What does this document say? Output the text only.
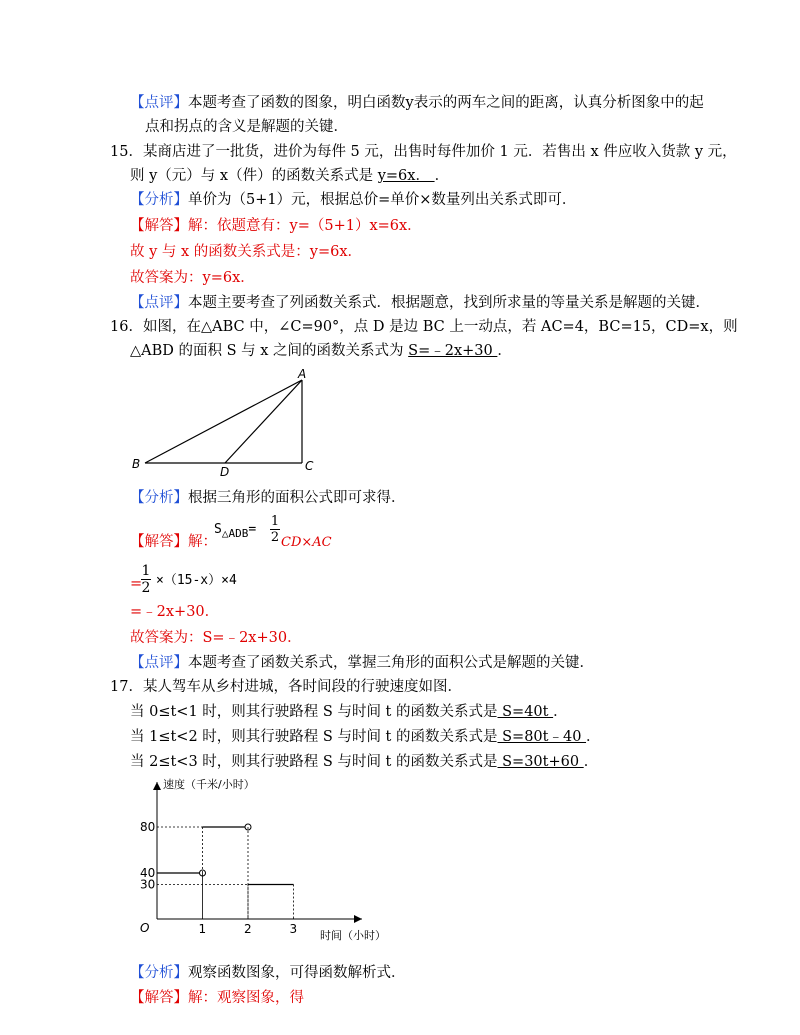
【点评】本题考查了函数的图象，明白函数y表示的两车之间的距离，认真分析图象中的起
点和拐点的含义是解题的关键．
15．某商店进了一批货，进价为每件 5 元，出售时每件加价 1 元．若售出 x 件应收入货款 y 元，
则 y（元）与 x（件）的函数关系式是 y=6x． ．
【分析】单价为（5+1）元，根据总价=单价×数量列出关系式即可．
【解答】解：依题意有：y=（5+1）x=6x．
故 y 与 x 的函数关系式是：y=6x．
故答案为：y=6x．
【点评】本题主要考查了列函数关系式．根据题意，找到所求量的等量关系是解题的关键．
16．如图，在△ABC 中，∠C=90°，点 D 是边 BC 上一动点，若 AC=4，BC=15，CD=x，则
△ABD 的面积 S 与 x 之间的函数关系式为 S=﹣2x+30 ．
A
B	C
D
【分析】根据三角形的面积公式即可求得．
【解答】解：
$S_{\triangle ADB}=$
1
2 CD×AC
=
1
2 ×（15-x）×4
=﹣2x+30．
故答案为：S=﹣2x+30．
【点评】本题考查了函数关系式，掌握三角形的面积公式是解题的关键．
17．某人驾车从乡村进城，各时间段的行驶速度如图．
当 0≤t<1 时，则其行驶路程 S 与时间 t 的函数关系式是 S=40t ．
当 1≤t<2 时，则其行驶路程 S 与时间 t 的函数关系式是 S=80t﹣40 ．
当 2≤t<3 时，则其行驶路程 S 与时间 t 的函数关系式是 S=30t+60 ．
速度（千米/小时）
时间（小时）
O	1	2	3
30
40
80
【分析】观察函数图象，可得函数解析式．
【解答】解：观察图象，得
